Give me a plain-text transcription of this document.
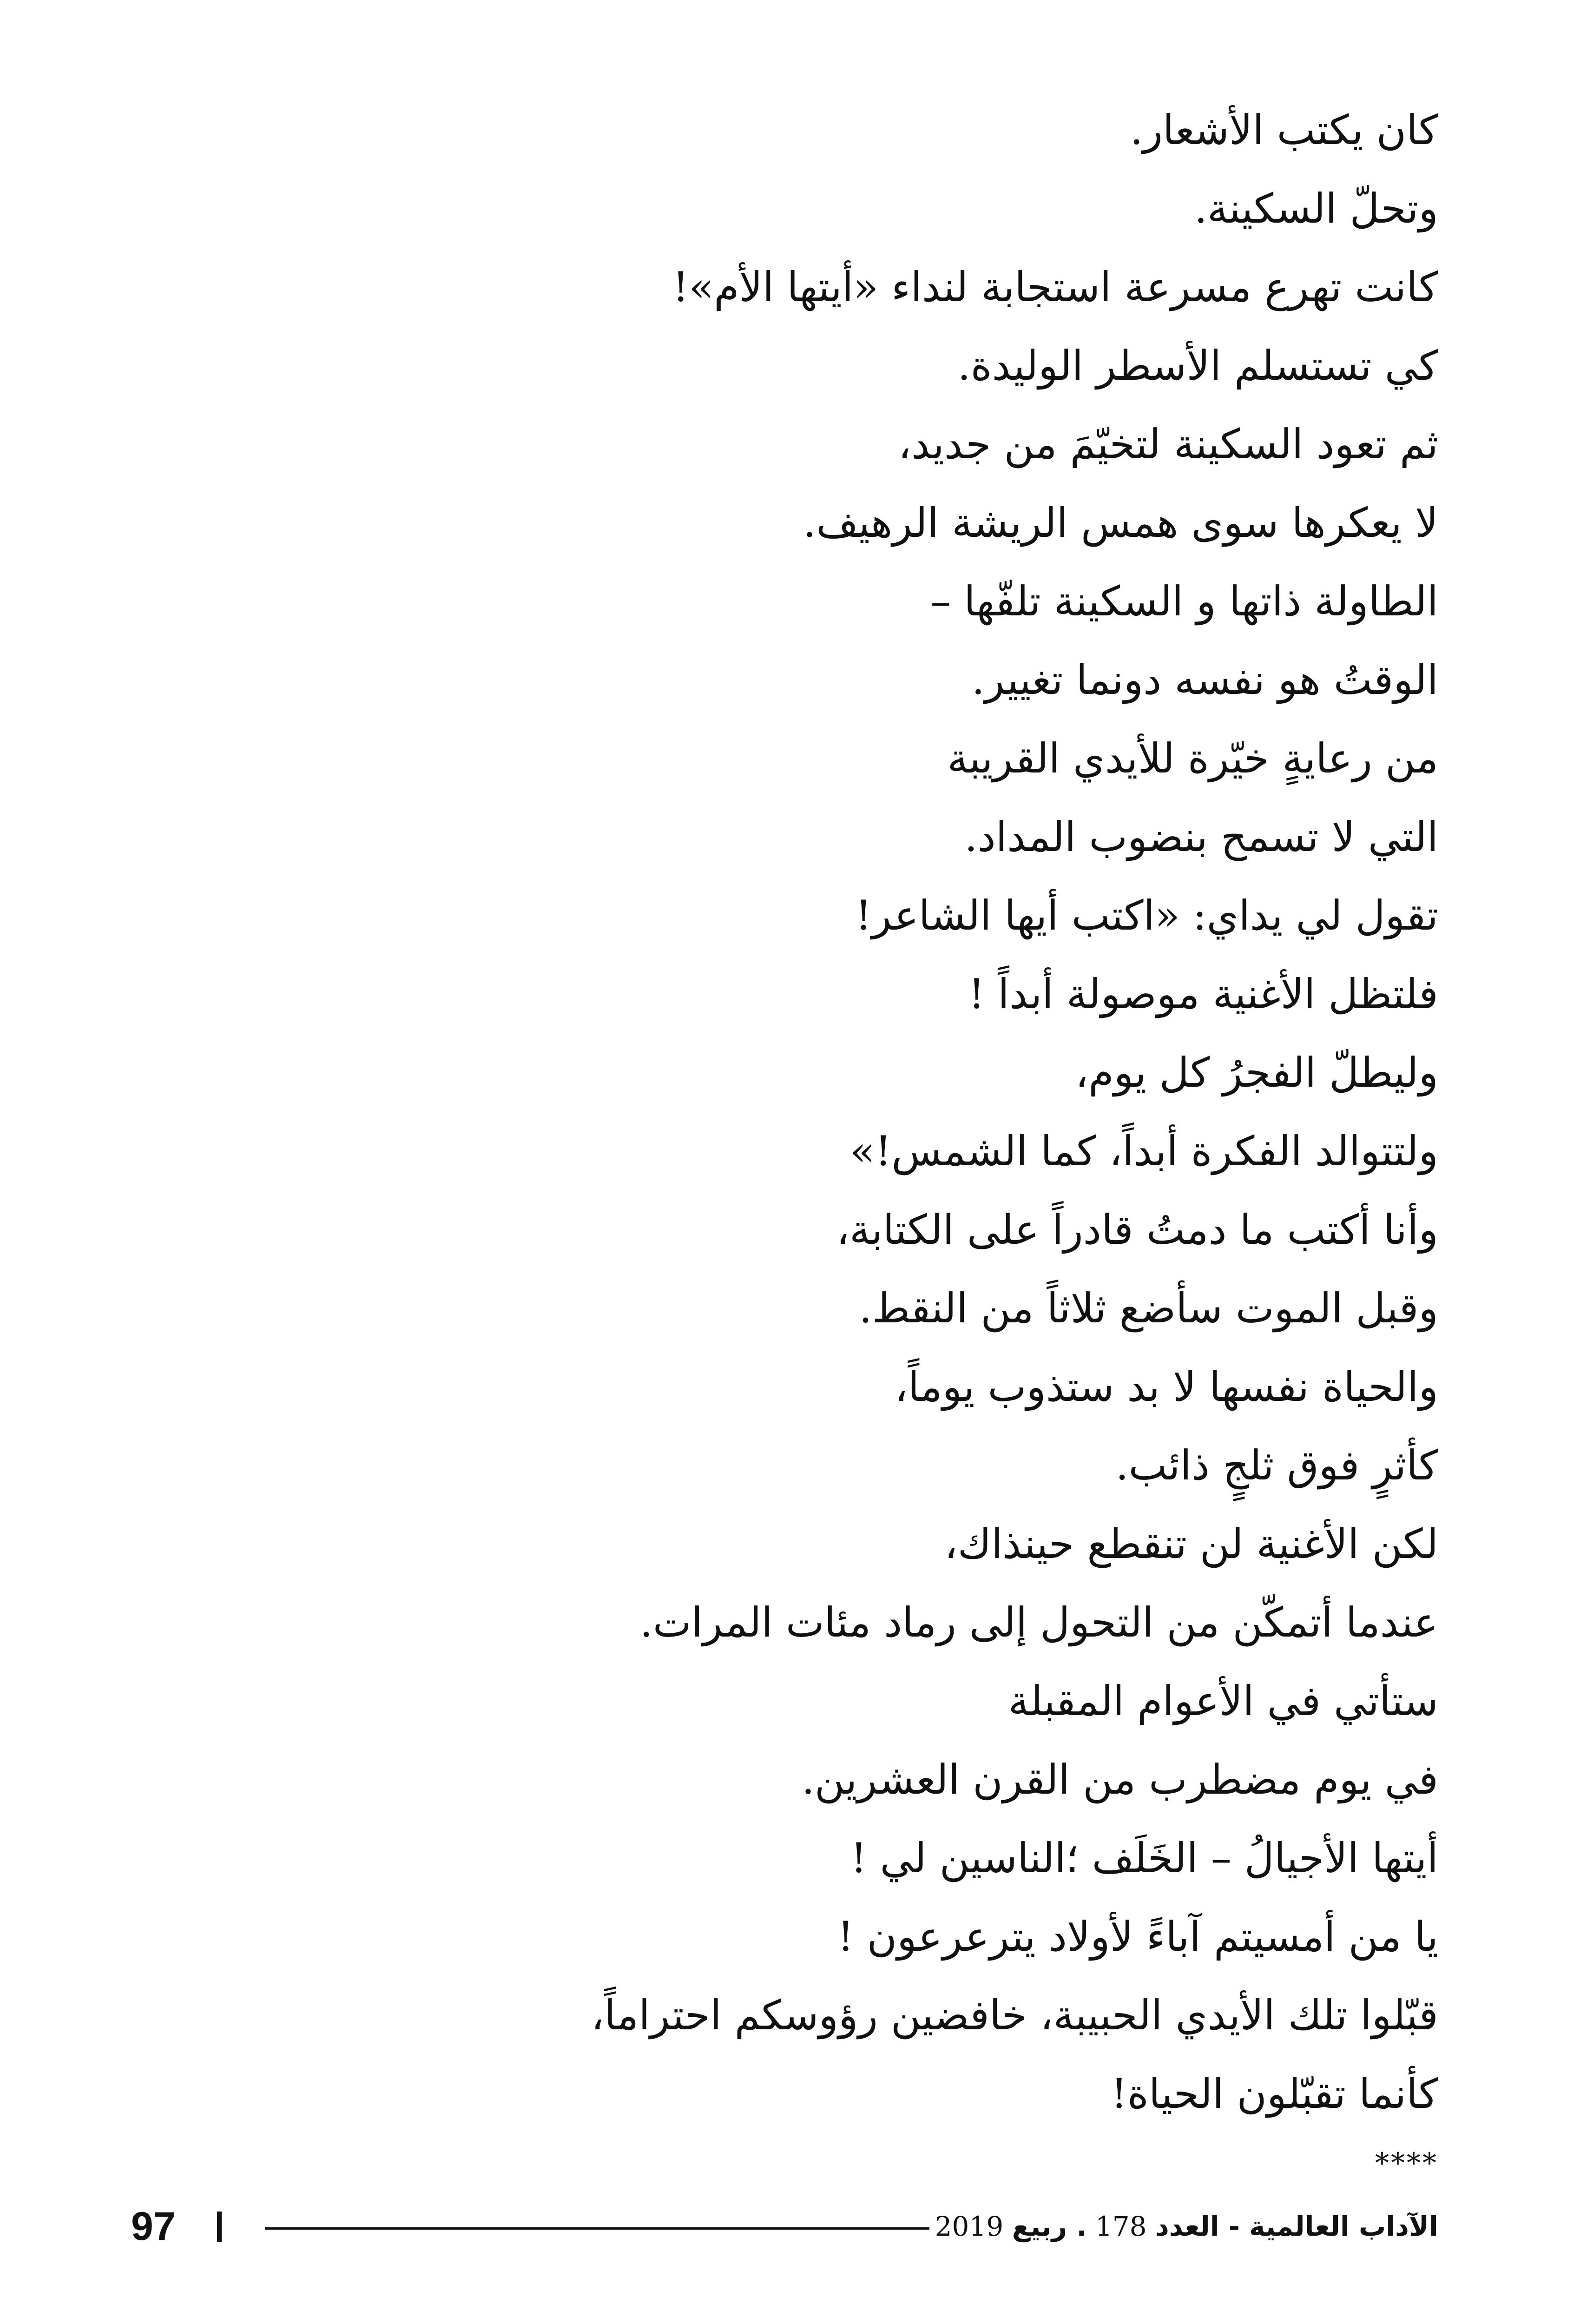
كان يكتب الأشعار.
وتحلّ السكينة.
كانت تهرع مسرعة استجابة لنداء «أيتها الأم»!
كي تستسلم الأسطر الوليدة.
ثم تعود السكينة لتخيّمَ من جديد،
لا يعكرها سوى همس الريشة الرهيف.
الطاولة ذاتها و السكينة تلفّها –
الوقتُ هو نفسه دونما تغيير.
من رعايةٍ خيّرة للأيدي القريبة
التي لا تسمح بنضوب المداد.
تقول لي يداي: «اكتب أيها الشاعر!
فلتظل الأغنية موصولة أبداً !
وليطلّ الفجرُ كل يوم،
ولتتوالد الفكرة أبداً، كما الشمس!»
وأنا أكتب ما دمتُ قادراً على الكتابة،
وقبل الموت سأضع ثلاثاً من النقط.
والحياة نفسها لا بد ستذوب يوماً،
كأثرٍ فوق ثلجٍ ذائب.
لكن الأغنية لن تنقطع حينذاك،
عندما أتمكّن من التحول إلى رماد مئات المرات.
ستأتي في الأعوام المقبلة
في يوم مضطرب من القرن العشرين.
أيتها الأجيالُ – الخَلَف ؛الناسين لي !
يا من أمسيتم آباءً لأولاد يترعرعون !
قبّلوا تلك الأيدي الحبيبة، خافضين رؤوسكم احتراماً،
كأنما تقبّلون الحياة!
****
97	الآداب العالمية - العدد 178 . ربيع 2019
